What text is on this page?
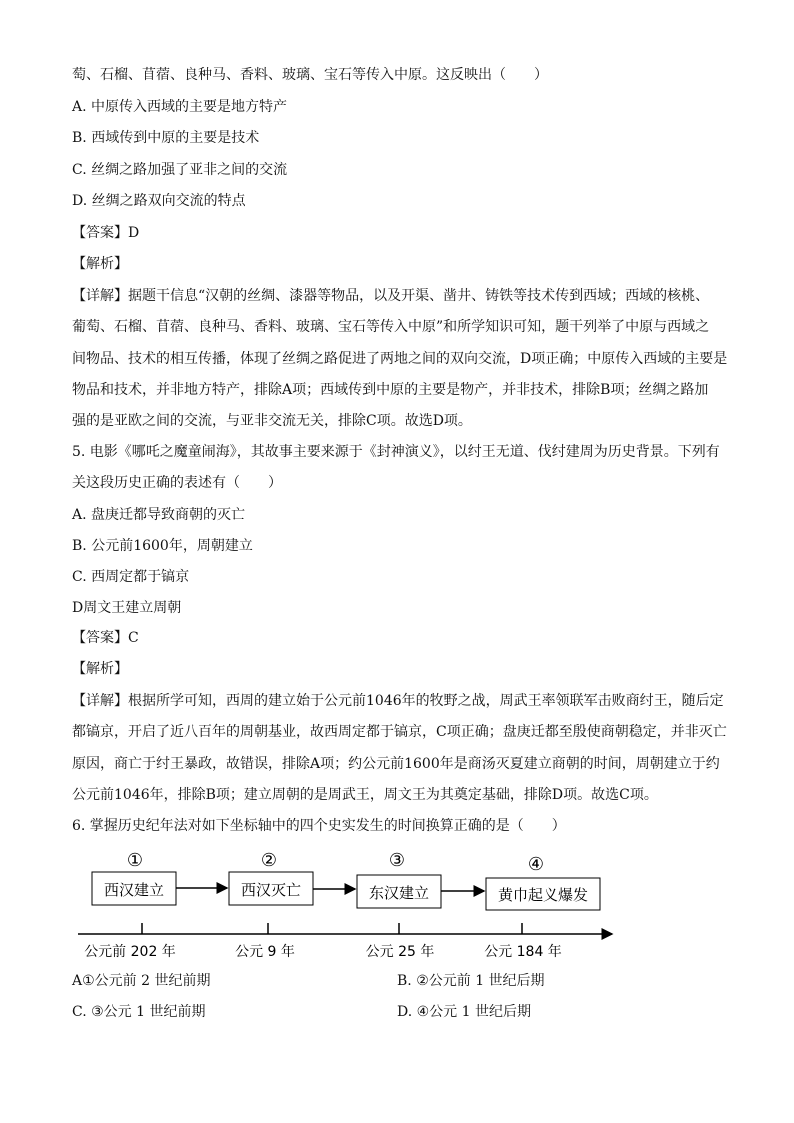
萄、石榴、苜蓿、良种马、香料、玻璃、宝石等传入中原。这反映出（　　）
A. 中原传入西域的主要是地方特产
B. 西域传到中原的主要是技术
C. 丝绸之路加强了亚非之间的交流
D. 丝绸之路双向交流的特点
【答案】D
【解析】
【详解】据题干信息“汉朝的丝绸、漆器等物品，以及开渠、凿井、铸铁等技术传到西域；西域的核桃、
葡萄、石榴、苜蓿、良种马、香料、玻璃、宝石等传入中原”和所学知识可知，题干列举了中原与西域之
间物品、技术的相互传播，体现了丝绸之路促进了两地之间的双向交流，D项正确；中原传入西域的主要是
物品和技术，并非地方特产，排除A项；西域传到中原的主要是物产，并非技术，排除B项；丝绸之路加
强的是亚欧之间的交流，与亚非交流无关，排除C项。故选D项。
5. 电影《哪吒之魔童闹海》，其故事主要来源于《封神演义》，以纣王无道、伐纣建周为历史背景。下列有
关这段历史正确的表述有（　　）
A. 盘庚迁都导致商朝的灭亡
B. 公元前1600年，周朝建立
C. 西周定都于镐京
D周文王建立周朝
【答案】C
【解析】
【详解】根据所学可知，西周的建立始于公元前1046年的牧野之战，周武王率领联军击败商纣王，随后定
都镐京，开启了近八百年的周朝基业，故西周定都于镐京，C项正确；盘庚迁都至殷使商朝稳定，并非灭亡
原因，商亡于纣王暴政，故错误，排除A项；约公元前1600年是商汤灭夏建立商朝的时间，周朝建立于约
公元前1046年，排除B项；建立周朝的是周武王，周文王为其奠定基础，排除D项。故选C项。
6. 掌握历史纪年法对如下坐标轴中的四个史实发生的时间换算正确的是（　　）
①	②	③	④
西汉建立	西汉灭亡	东汉建立	黄巾起义爆发
公元前 202 年	公元 9 年	公元 25 年	公元 184 年
A①公元前 2 世纪前期	B. ②公元前 1 世纪后期
C. ③公元 1 世纪前期	D. ④公元 1 世纪后期
